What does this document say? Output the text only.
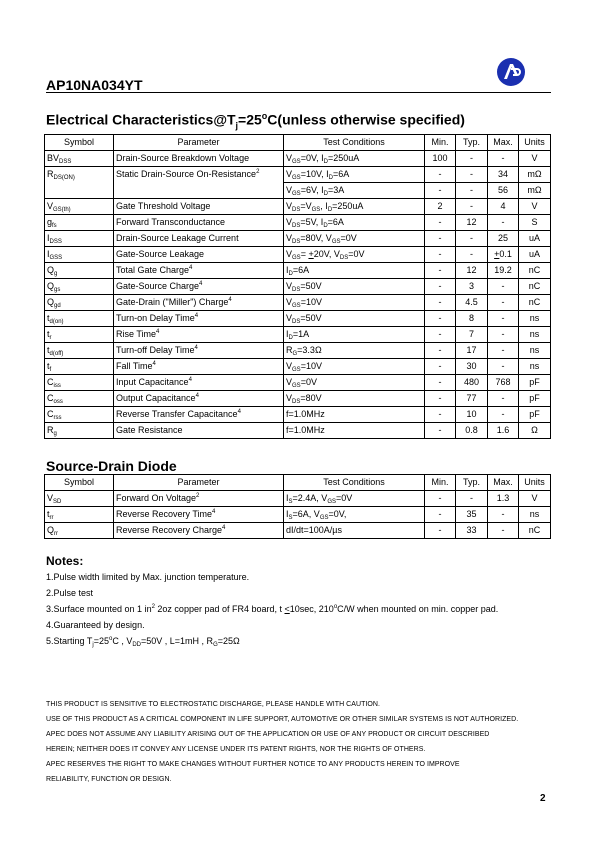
AP10NA034YT
Electrical $Characteristics@T_j=25^oC(unless$ otherwise specified)
Symbol	Parameter	Test Conditions	Min.	Typ.	Max.	Units
$BV_{DSS}$	Drain-Source Breakdown Voltage	$V_{GS}=0V$, $I_D=250uA$	100	-	-	V
$R_{DS(ON)}$	Static Drain-Source On-Resistance$^2$	$V_{GS}=10V$, $I_D=6A$	-	-	34	mΩ
		$V_{GS}=6V$, $I_D=3A$	-	-	56	mΩ
$V_{GS(th)}$	Gate Threshold Voltage	$V_{DS}=V_{GS}$, $I_D=250uA$	2	-	4	V
$g_{fs}$	Forward Transconductance	$V_{DS}=5V$, $I_D=6A$	-	12	-	S
$I_{DSS}$	Drain-Source Leakage Current	$V_{DS}=80V$, $V_{GS}=0V$	-	-	25	uA
$I_{GSS}$	Gate-Source Leakage	$V_{GS}= +20V$, $V_{DS}=0V$	-	-	+0.1	uA
$Q_g$	Total Gate Charge$^4$	$I_D=6A$	-	12	19.2	nC
$Q_{gs}$	Gate-Source Charge$^4$	$V_{DS}=50V$	-	3	-	nC
$Q_{gd}$	Gate-Drain ("Miller") Charge$^4$	$V_{GS}=10V$	-	4.5	-	nC
$t_{d(on)}$	Turn-on Delay Time$^4$	$V_{DS}=50V$	-	8	-	ns
$t_r$	Rise Time$^4$	$I_D=1A$	-	7	-	ns
$t_{d(off)}$	Turn-off Delay Time$^4$	$R_G=3.3\Omega$	-	17	-	ns
$t_f$	Fall Time$^4$	$V_{GS}=10V$	-	30	-	ns
$C_{iss}$	Input Capacitance$^4$	$V_{GS}=0V$	-	480	768	pF
$C_{oss}$	Output Capacitance$^4$	$V_{DS}=80V$	-	77	-	pF
$C_{rss}$	Reverse Transfer Capacitance$^4$	f=1.0MHz	-	10	-	pF
$R_g$	Gate Resistance	f=1.0MHz	-	0.8	1.6	Ω
Source-Drain Diode
Symbol	Parameter	Test Conditions	Min.	Typ.	Max.	Units
$V_{SD}$	Forward On Voltage$^2$	$I_S=2.4A$, $V_{GS}=0V$	-	-	1.3	V
$t_{rr}$	Reverse Recovery Time$^4$	$I_S=6A$, $V_{GS}=0V$,	-	35	-	ns
$Q_{rr}$	Reverse Recovery Charge$^4$	dI/dt=100A/µs	-	33	-	nC
Notes:
1.Pulse width limited by Max. junction temperature.
2.Pulse test
3.Surface mounted on 1 $in^2$ 2oz copper pad of FR4 board, t <10sec, 210$^o$C/W when mounted on min. copper pad.
4.Guaranteed by design.
5.Starting $T_j=25^oC$ , $V_{DD}=50V$ , L=1mH , $R_G=25\Omega$
THIS PRODUCT IS SENSITIVE TO ELECTROSTATIC DISCHARGE, PLEASE HANDLE WITH CAUTION.
USE OF THIS PRODUCT AS A CRITICAL COMPONENT IN LIFE SUPPORT, AUTOMOTIVE OR OTHER SIMILAR SYSTEMS IS NOT AUTHORIZED.
APEC DOES NOT ASSUME ANY LIABILITY ARISING OUT OF THE APPLICATION OR USE OF ANY PRODUCT OR CIRCUIT DESCRIBED
HEREIN; NEITHER DOES IT CONVEY ANY LICENSE UNDER ITS PATENT RIGHTS, NOR THE RIGHTS OF OTHERS.
APEC RESERVES THE RIGHT TO MAKE CHANGES WITHOUT FURTHER NOTICE TO ANY PRODUCTS HEREIN TO IMPROVE
RELIABILITY, FUNCTION OR DESIGN.
2
